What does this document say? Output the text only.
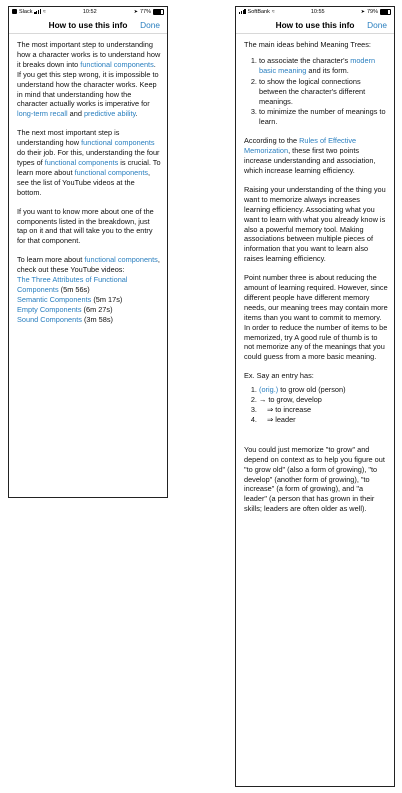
Slack ≈	10:52	➤ 77%
How to use this info Done

The most important step to understanding how a character works is to understand how it breaks down into functional components. If you get this step wrong, it is impossible to understand how the character works. Keep in mind that understanding how the character actually works is imperative for long-term recall and predictive ability.

The next most important step is understanding how functional components do their job. For this, understanding the four types of functional components is crucial. To learn more about functional components, see the list of YouTube videos at the bottom.

If you want to know more about one of the components listed in the breakdown, just tap on it and that will take you to the entry for that component.

To learn more about functional components, check out these YouTube videos:

The Three Attributes of Functional Components (5m 56s)
Semantic Components (5m 17s)
Empty Components (6m 27s)
Sound Components (3m 58s)
SoftBank ≈	10:55	➤ 79%
How to use this info Done

The main ideas behind Meaning Trees:

1. to associate the character's modern basic meaning and its form.
2. to show the logical connections between the character's different meanings.
3. to minimize the number of meanings to learn.

According to the Rules of Effective Memorization, these first two points increase understanding and association, which increase learning efficiency.

Raising your understanding of the thing you want to memorize always increases learning efficiency. Associating what you want to learn with what you already know is also a powerful memory tool. Making associations between multiple pieces of information that you want to learn also raises learning efficiency.

Point number three is about reducing the amount of learning required. However, since different people have different memory needs, our meaning trees may contain more items than you want to commit to memory. In order to reduce the number of items to be memorized, try A good rule of thumb is to not memorize any of the meanings that you could guess from a more basic meaning.

Ex. Say an entry has:

1. (orig.) to grow old (person)
2. → to grow, develop
3. ⇒ to increase
4. ⇒ leader

You could just memorize "to grow" and depend on context as to help you figure out "to grow old" (also a form of growing), "to develop" (another form of growing), "to increase" (a form of growing), and "a leader" (a person that has grown in their skills; leaders are often older as well).
